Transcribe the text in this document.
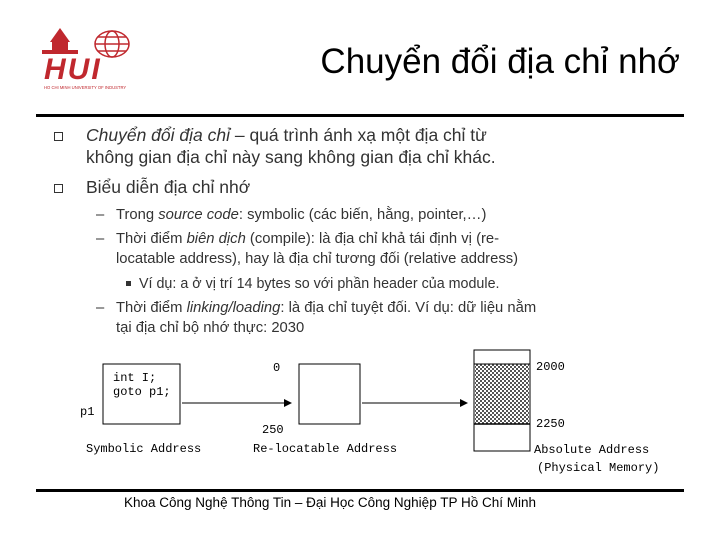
HUI
HO CHI MINH UNIVERSITY OF INDUSTRY
Chuyển đổi địa chỉ nhớ
Chuyển đổi địa chỉ – quá trình ánh xạ một địa chỉ từ
không gian địa chỉ này sang không gian địa chỉ khác.
Biểu diễn địa chỉ nhớ
– Trong source code: symbolic (các biến, hằng, pointer,…)
– Thời điểm biên dịch (compile): là địa chỉ khả tái định vị (re-
locatable address), hay là địa chỉ tương đối (relative address)
Ví dụ: a ở vị trí 14 bytes so với phần header của module.
– Thời điểm linking/loading: là địa chỉ tuyệt đối. Ví dụ: dữ liệu nằm
tại địa chỉ bộ nhớ thực: 2030
int I;
goto p1;
p1
Symbolic Address
0
250
Re-locatable Address
2000
2250
Absolute Address
(Physical Memory)
Khoa Công Nghệ Thông Tin – Đại Học Công Nghiệp TP Hồ Chí Minh
